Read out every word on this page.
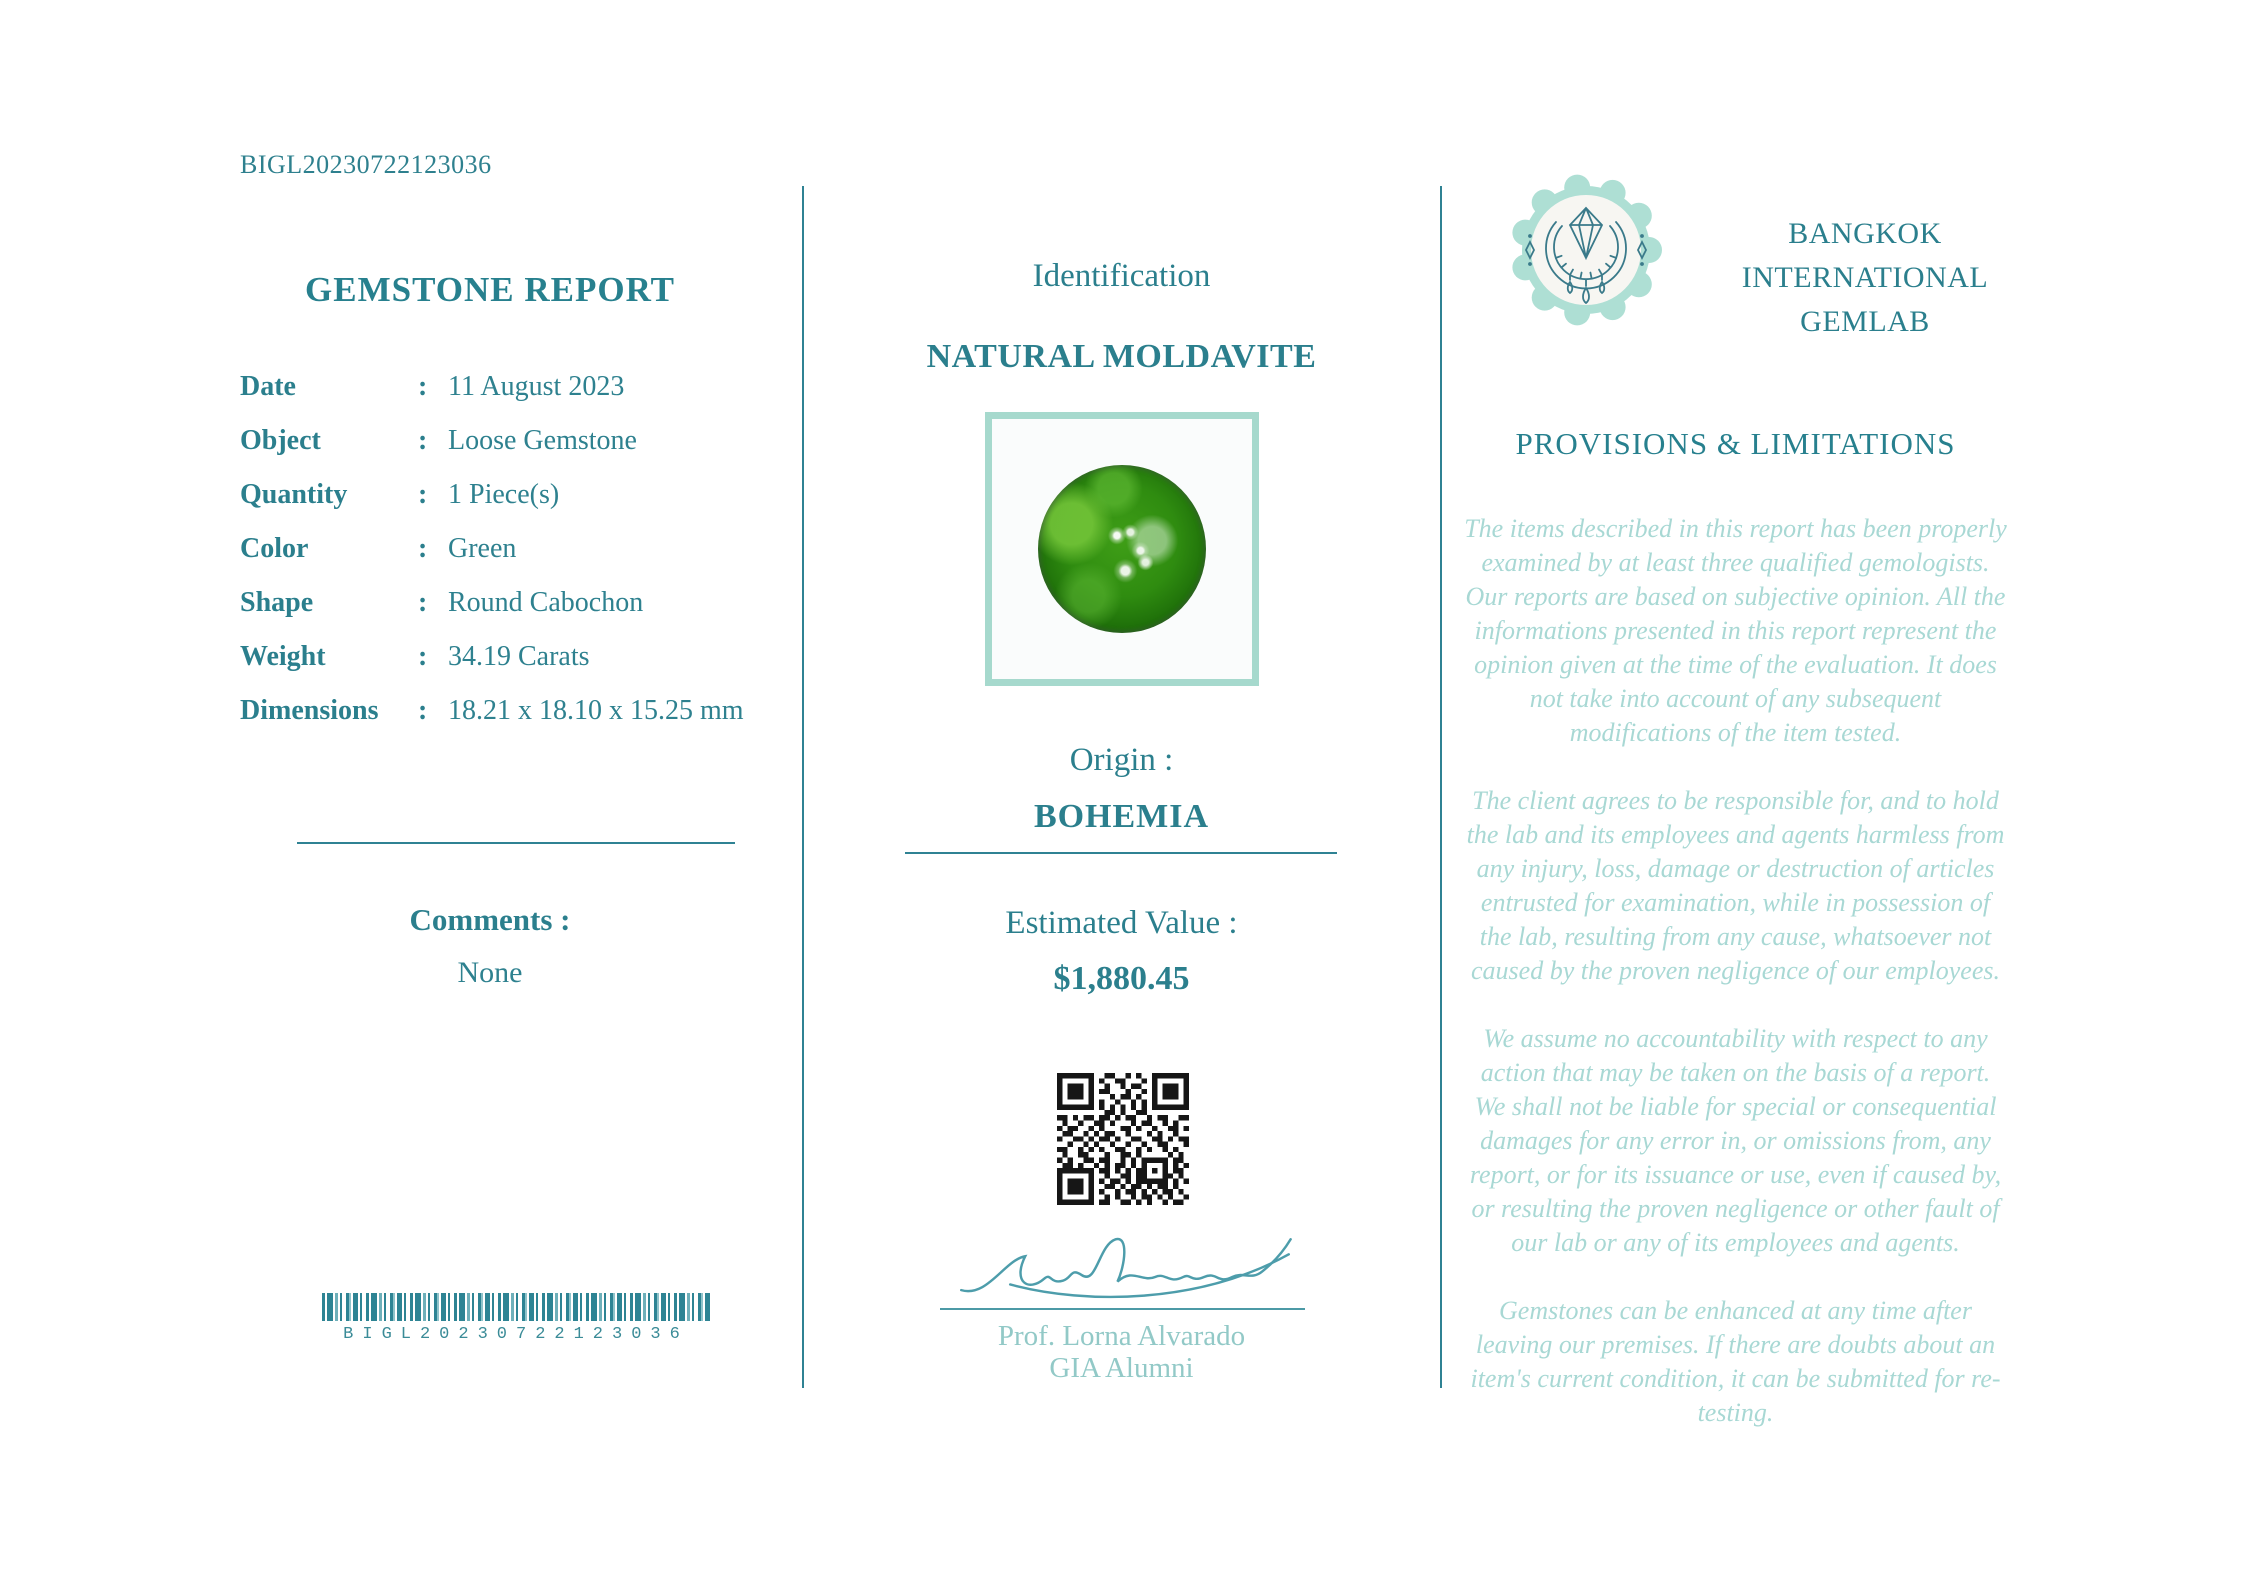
BIGL20230722123036
GEMSTONE REPORT
Date	: 11 August 2023
Object	: Loose Gemstone
Quantity	: 1 Piece(s)
Color	: Green
Shape	: Round Cabochon
Weight	: 34.19 Carats
Dimensions	: 18.21 x 18.10 x 15.25 mm
Comments :
None
BIGL20230722123036
Identification
NATURAL MOLDAVITE
Origin :
BOHEMIA
Estimated Value :
$1,880.45
Prof. Lorna Alvarado
GIA Alumni
BANGKOK
INTERNATIONAL
GEMLAB
PROVISIONS & LIMITATIONS

The items described in this report has been properly examined by at least three qualified gemologists. Our reports are based on subjective opinion. All the informations presented in this report represent the opinion given at the time of the evaluation. It does not take into account of any subsequent modifications of the item tested.

The client agrees to be responsible for, and to hold the lab and its employees and agents harmless from any injury, loss, damage or destruction of articles entrusted for examination, while in possession of the lab, resulting from any cause, whatsoever not caused by the proven negligence of our employees.

We assume no accountability with respect to any action that may be taken on the basis of a report. We shall not be liable for special or consequential damages for any error in, or omissions from, any report, or for its issuance or use, even if caused by, or resulting the proven negligence or other fault of our lab or any of its employees and agents.

Gemstones can be enhanced at any time after leaving our premises. If there are doubts about an item's current condition, it can be submitted for re-testing.
